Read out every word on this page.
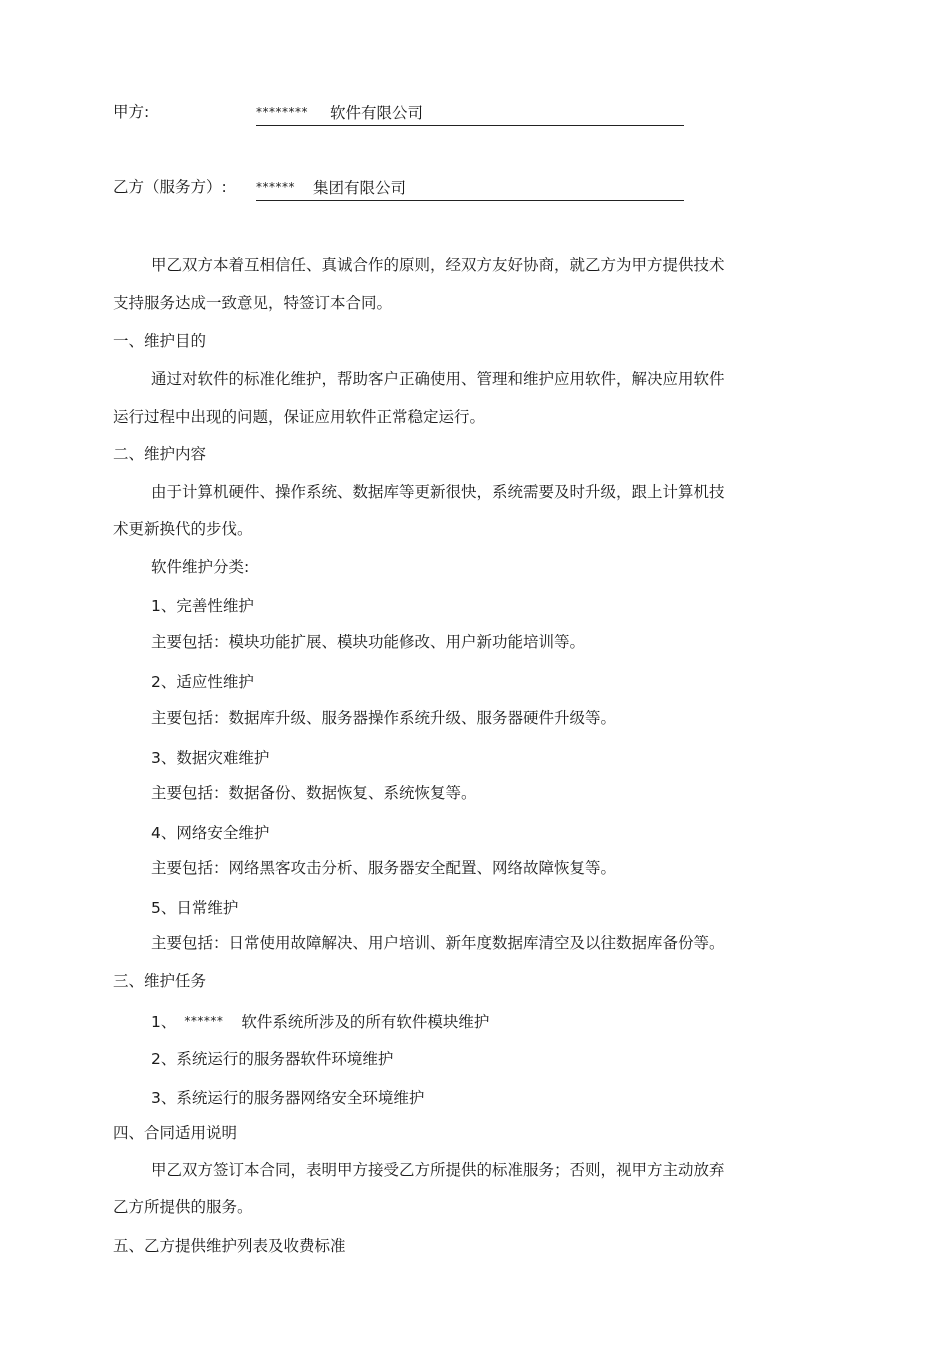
甲方:	******** 软件有限公司
乙方（服务方）: ****** 集团有限公司
甲乙双方本着互相信任、真诚合作的原则，经双方友好协商，就乙方为甲方提供技术
支持服务达成一致意见，特签订本合同。
一、维护目的
通过对软件的标准化维护，帮助客户正确使用、管理和维护应用软件，解决应用软件
运行过程中出现的问题，保证应用软件正常稳定运行。
二、维护内容
由于计算机硬件、操作系统、数据库等更新很快，系统需要及时升级，跟上计算机技
术更新换代的步伐。
软件维护分类:
1、完善性维护
主要包括：模块功能扩展、模块功能修改、用户新功能培训等。
2、适应性维护
主要包括：数据库升级、服务器操作系统升级、服务器硬件升级等。
3、数据灾难维护
主要包括：数据备份、数据恢复、系统恢复等。
4、网络安全维护
主要包括：网络黑客攻击分析、服务器安全配置、网络故障恢复等。
5、日常维护
主要包括：日常使用故障解决、用户培训、新年度数据库清空及以往数据库备份等。
三、维护任务
1、 ****** 软件系统所涉及的所有软件模块维护
2、系统运行的服务器软件环境维护
3、系统运行的服务器网络安全环境维护
四、合同适用说明
甲乙双方签订本合同，表明甲方接受乙方所提供的标准服务；否则，视甲方主动放弃
乙方所提供的服务。
五、乙方提供维护列表及收费标准
